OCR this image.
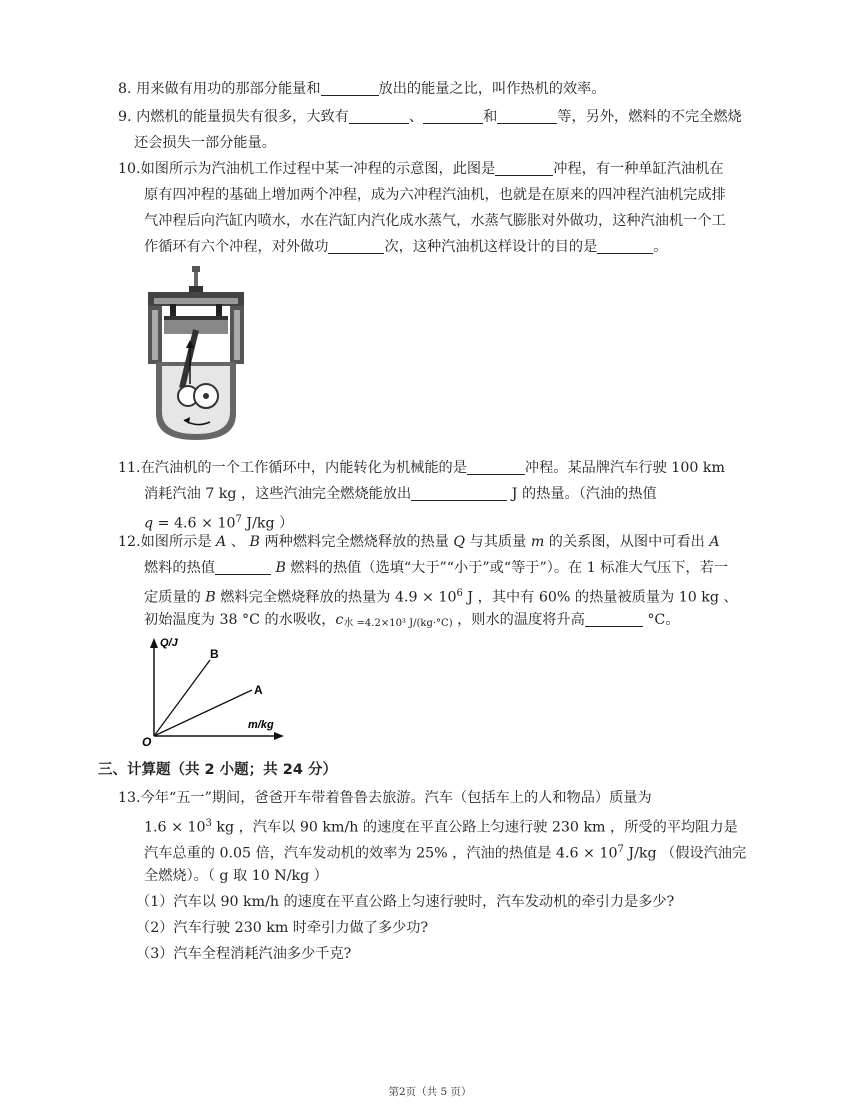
8. 用来做有用功的那部分能量和	放出的能量之比，叫作热机的效率。
9. 内燃机的能量损失有很多，大致有	、	和	等，另外，燃料的不完全燃烧
还会损失一部分能量。
10.如图所示为汽油机工作过程中某一冲程的示意图，此图是	冲程，有一种单缸汽油机在
原有四冲程的基础上增加两个冲程，成为六冲程汽油机，也就是在原来的四冲程汽油机完成排
气冲程后向汽缸内喷水，水在汽缸内汽化成水蒸气，水蒸气膨胀对外做功，这种汽油机一个工
作循环有六个冲程，对外做功	次，这种汽油机这样设计的目的是	。
11.在汽油机的一个工作循环中，内能转化为机械能的是	冲程。某品牌汽车行驶 100 km
消耗汽油 7 kg ，这些汽油完全燃烧能放出	J 的热量。（汽油的热值
$q = 4.6 \times 10^7$ J/kg ）
12.如图所示是 A 、 B 两种燃料完全燃烧释放的热量 Q 与其质量 m 的关系图，从图中可看出 A
燃料的热值	B 燃料的热值（选填“大于”“小于”或“等于”）。在 1 标准大气压下，若一
定质量的 B 燃料完全燃烧释放的热量为 $4.9 \times 10^6$ J ，其中有 60% 的热量被质量为 10 kg 、
初始温度为 38 °C 的水吸收，c水 =4.2×10³ J/(kg·°C) ，则水的温度将升高	°C。
Q/J
m/kg
O
B
A
三、计算题（共 2 小题；共 24 分）
13.今年“五一”期间，爸爸开车带着鲁鲁去旅游。汽车（包括车上的人和物品）质量为
$1.6 \times 10^3$ kg ，汽车以 90 km/h 的速度在平直公路上匀速行驶 230 km ，所受的平均阻力是
汽车总重的 0.05 倍，汽车发动机的效率为 25% ，汽油的热值是 $4.6 \times 10^7$ J/kg （假设汽油完
全燃烧）。（ g 取 10 N/kg ）
（1）汽车以 90 km/h 的速度在平直公路上匀速行驶时，汽车发动机的牵引力是多少?
（2）汽车行驶 230 km 时牵引力做了多少功?
（3）汽车全程消耗汽油多少千克?
第2页（共 5 页）
